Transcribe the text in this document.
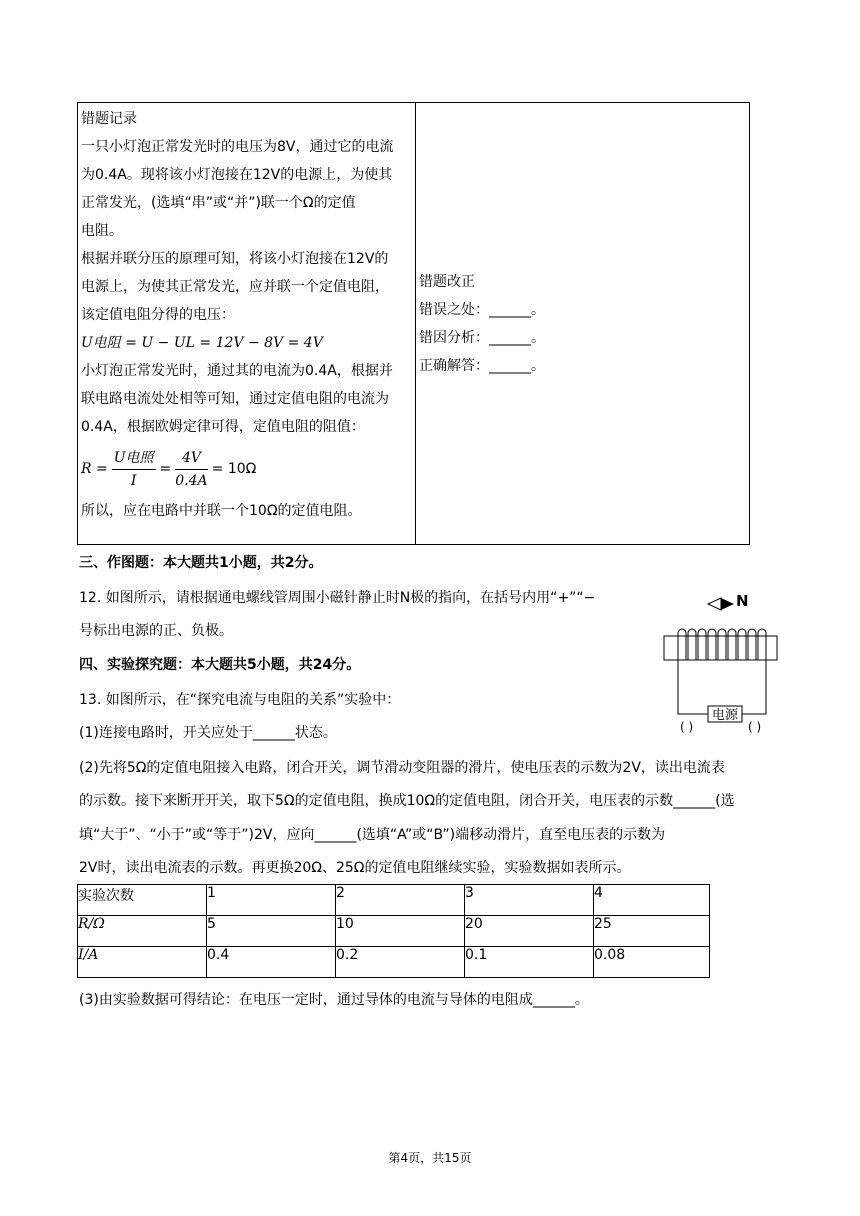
错题记录
一只小灯泡正常发光时的电压为8V，通过它的电流
为0.4A。现将该小灯泡接在12V的电源上，为使其
正常发光，(选填“串”或“并”)联一个Ω的定值
电阻。
根据并联分压的原理可知，将该小灯泡接在12V的
电源上，为使其正常发光，应并联一个定值电阻，
该定值电阻分得的电压：
U电阻 = U − UL = 12V − 8V = 4V
小灯泡正常发光时，通过其的电流为0.4A，根据并
联电路电流处处相等可知，通过定值电阻的电流为
0.4A，根据欧姆定律可得，定值电阻的阻值：
$R = \frac{\text{U电照}}{I} = \frac{4V}{0.4A} = 10\Omega$
所以，应在电路中并联一个10Ω的定值电阻。

错题改正
错误之处：______。
错因分析：______。
正确解答：______。
三、作图题：本大题共1小题，共2分。
12. 如图所示，请根据通电螺线管周围小磁针静止时N极的指向，在括号内用“+”“−
号标出电源的正、负极。
N
电源
( )	( )
四、实验探究题：本大题共5小题，共24分。
13. 如图所示，在“探究电流与电阻的关系”实验中：
(1)连接电路时，开关应处于______状态。
(2)先将5Ω的定值电阻接入电路，闭合开关，调节滑动变阻器的滑片，使电压表的示数为2V，读出电流表
的示数。接下来断开开关，取下5Ω的定值电阻，换成10Ω的定值电阻，闭合开关，电压表的示数______(选
填“大于”、“小于”或“等于”)2V，应向______(选填“A”或“B”)端移动滑片，直至电压表的示数为
2V时，读出电流表的示数。再更换20Ω、25Ω的定值电阻继续实验，实验数据如表所示。
实验次数	1	2	3	4
R/Ω	5	10	20	25
I/A	0.4	0.2	0.1	0.08
(3)由实验数据可得结论：在电压一定时，通过导体的电流与导体的电阻成______。
第4页，共15页
